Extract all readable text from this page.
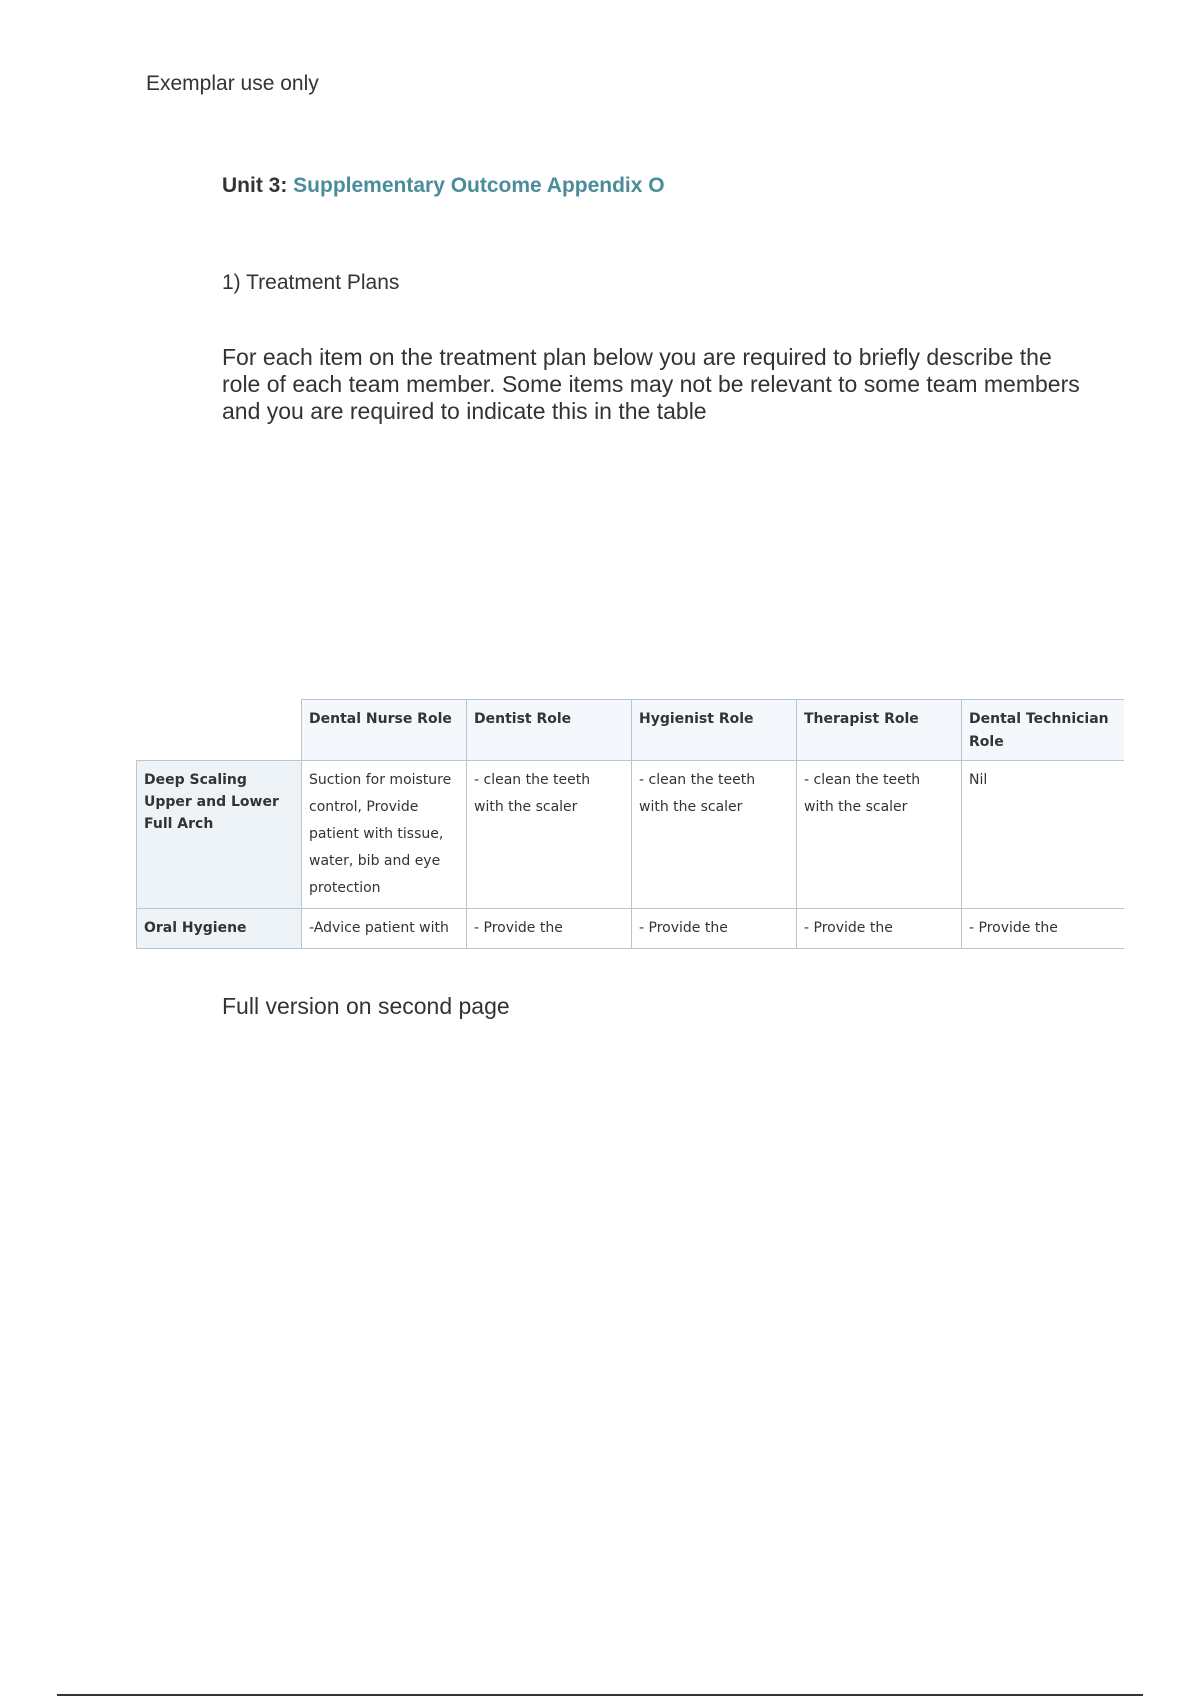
Exemplar use only
Unit 3: Supplementary Outcome Appendix O
1) Treatment Plans
For each item on the treatment plan below you are required to briefly describe the role of each team member. Some items may not be relevant to some team members and you are required to indicate this in the table
	Dental Nurse Role	Dentist Role	Hygienist Role	Therapist Role	Dental Technician Role
Deep Scaling Upper and Lower Full Arch	Suction for moisture control, Provide patient with tissue, water, bib and eye protection	- clean the teeth with the scaler	- clean the teeth with the scaler	- clean the teeth with the scaler	Nil
Oral Hygiene	-Advice patient with	- Provide the	- Provide the	- Provide the	- Provide the
Full version on second page
